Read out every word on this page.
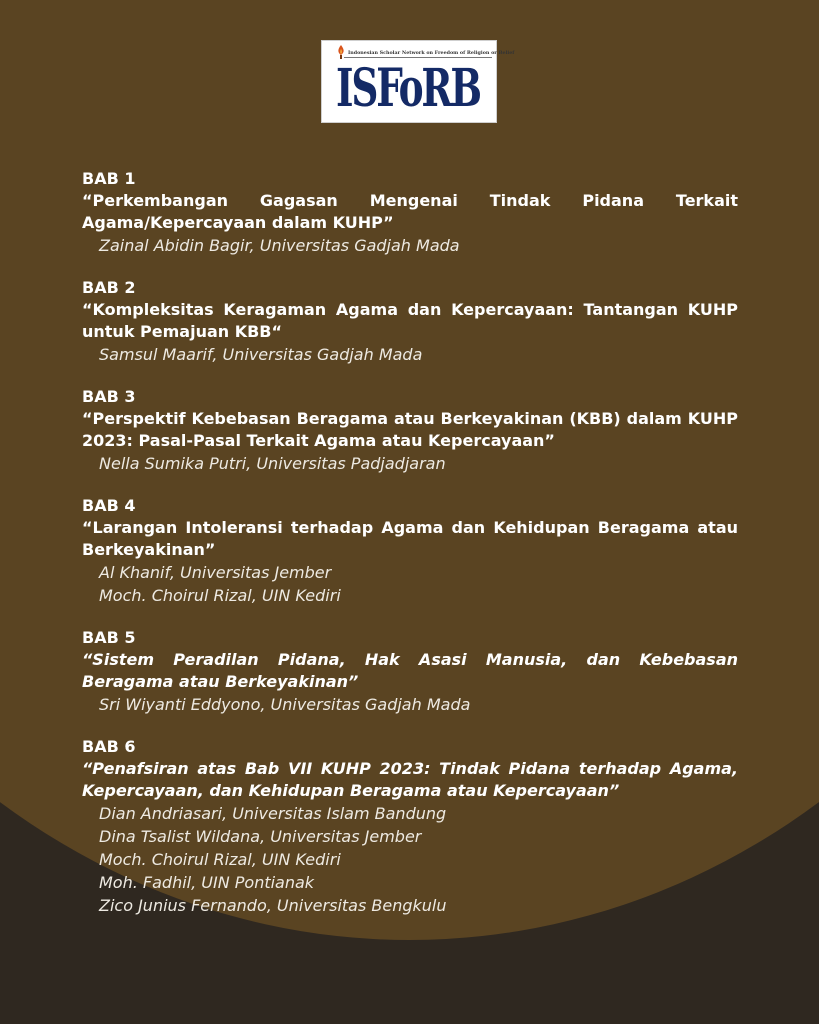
Indonesian Scholar Network on Freedom of Religion or Belief
ISFoRB
BAB 1
“Perkembangan Gagasan Mengenai Tindak Pidana Terkait Agama/Kepercayaan dalam KUHP”
Zainal Abidin Bagir, Universitas Gadjah Mada
BAB 2
“Kompleksitas Keragaman Agama dan Kepercayaan: Tantangan KUHP untuk Pemajuan KBB“
Samsul Maarif, Universitas Gadjah Mada
BAB 3
“Perspektif Kebebasan Beragama atau Berkeyakinan (KBB) dalam KUHP 2023: Pasal-Pasal Terkait Agama atau Kepercayaan”
Nella Sumika Putri, Universitas Padjadjaran
BAB 4
“Larangan Intoleransi terhadap Agama dan Kehidupan Beragama atau Berkeyakinan”
Al Khanif, Universitas Jember
Moch. Choirul Rizal, UIN Kediri
BAB 5
“Sistem Peradilan Pidana, Hak Asasi Manusia, dan Kebebasan Beragama atau Berkeyakinan”
Sri Wiyanti Eddyono, Universitas Gadjah Mada
BAB 6
“Penafsiran atas Bab VII KUHP 2023: Tindak Pidana terhadap Agama, Kepercayaan, dan Kehidupan Beragama atau Kepercayaan”
Dian Andriasari, Universitas Islam Bandung
Dina Tsalist Wildana, Universitas Jember
Moch. Choirul Rizal, UIN Kediri
Moh. Fadhil, UIN Pontianak
Zico Junius Fernando, Universitas Bengkulu
